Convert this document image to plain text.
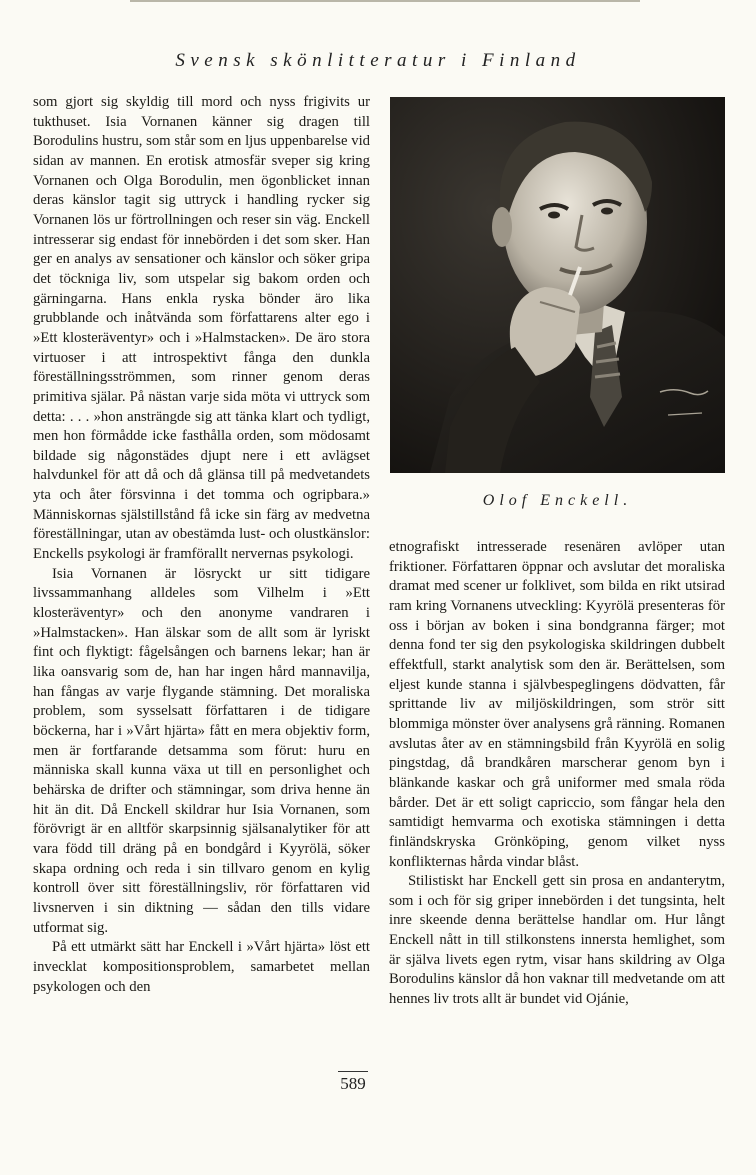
Svensk skönlitteratur i Finland

som gjort sig skyldig till mord och nyss frigivits ur tukthuset. Isia Vornanen känner sig dragen till Borodulins hustru, som står som en ljus uppenbarelse vid sidan av mannen. En erotisk atmosfär sveper sig kring Vornanen och Olga Borodulin, men ögonblicket innan deras känslor tagit sig uttryck i handling rycker sig Vornanen lös ur förtrollningen och reser sin väg. Enckell intresserar sig endast för innebörden i det som sker. Han ger en analys av sensationer och känslor och söker gripa det töckniga liv, som utspelar sig bakom orden och gärningarna. Hans enkla ryska bönder äro lika grubblande och inåtvända som författarens alter ego i »Ett klosteräventyr» och i »Halmstacken». De äro stora virtuoser i att introspektivt fånga den dunkla föreställningsströmmen, som rinner genom deras primitiva själar. På nästan varje sida möta vi uttryck som detta: . . . »hon ansträngde sig att tänka klart och tydligt, men hon förmådde icke fasthålla orden, som mödosamt bildade sig någonstädes djupt nere i ett avlägset halvdunkel för att då och då glänsa till på medvetandets yta och åter försvinna i det tomma och ogripbara.» Människornas själstillstånd få icke sin färg av medvetna föreställningar, utan av obestämda lust- och olustkänslor: Enckells psykologi är framförallt nervernas psykologi.

Isia Vornanen är lösryckt ur sitt tidigare livssammanhang alldeles som Vilhelm i »Ett klosteräventyr» och den anonyme vandraren i »Halmstacken». Han älskar som de allt som är lyriskt fint och flyktigt: fågelsången och barnens lekar; han är lika oansvarig som de, han har ingen hård mannavilja, han fångas av varje flygande stämning. Det moraliska problem, som sysselsatt författaren i de tidigare böckerna, har i »Vårt hjärta» fått en mera objektiv form, men är fortfarande detsamma som förut: huru en människa skall kunna växa ut till en personlighet och behärska de drifter och stämningar, som driva henne än hit än dit. Då Enckell skildrar hur Isia Vornanen, som förövrigt är en alltför skarpsinnig själsanalytiker för att vara född till dräng på en bondgård i Kyyrölä, söker skapa ordning och reda i sin tillvaro genom en kylig kontroll över sitt föreställningsliv, rör författaren vid livsnerven i sin diktning — sådan den tills vidare utformat sig.

På ett utmärkt sätt har Enckell i »Vårt hjärta» löst ett invecklat kompositionsproblem, samarbetet mellan psykologen och den

Olof Enckell.

etnografiskt intresserade resenären avlöper utan friktioner. Författaren öppnar och avslutar det moraliska dramat med scener ur folklivet, som bilda en rikt utsirad ram kring Vornanens utveckling: Kyyrölä presenteras för oss i början av boken i sina bondgranna färger; mot denna fond ter sig den psykologiska skildringen dubbelt effektfull, starkt analytisk som den är. Berättelsen, som eljest kunde stanna i självbespeglingens dödvatten, får sprittande liv av miljöskildringen, som strör sitt blommiga mönster över analysens grå ränning. Romanen avslutas åter av en stämningsbild från Kyyrölä en solig pingstdag, då brandkåren marscherar genom byn i blänkande kaskar och grå uniformer med smala röda bårder. Det är ett soligt capriccio, som fångar hela den samtidigt hemvarma och exotiska stämningen i detta finländskryska Grönköping, genom vilket nyss konflikternas hårda vindar blåst.

Stilistiskt har Enckell gett sin prosa en andanterytm, som i och för sig griper innebörden i det tungsinta, helt inre skeende denna berättelse handlar om. Hur långt Enckell nått in till stilkonstens innersta hemlighet, som är själva livets egen rytm, visar hans skildring av Olga Borodulins känslor då hon vaknar till medvetande om att hennes liv trots allt är bundet vid Ojánie,

589
